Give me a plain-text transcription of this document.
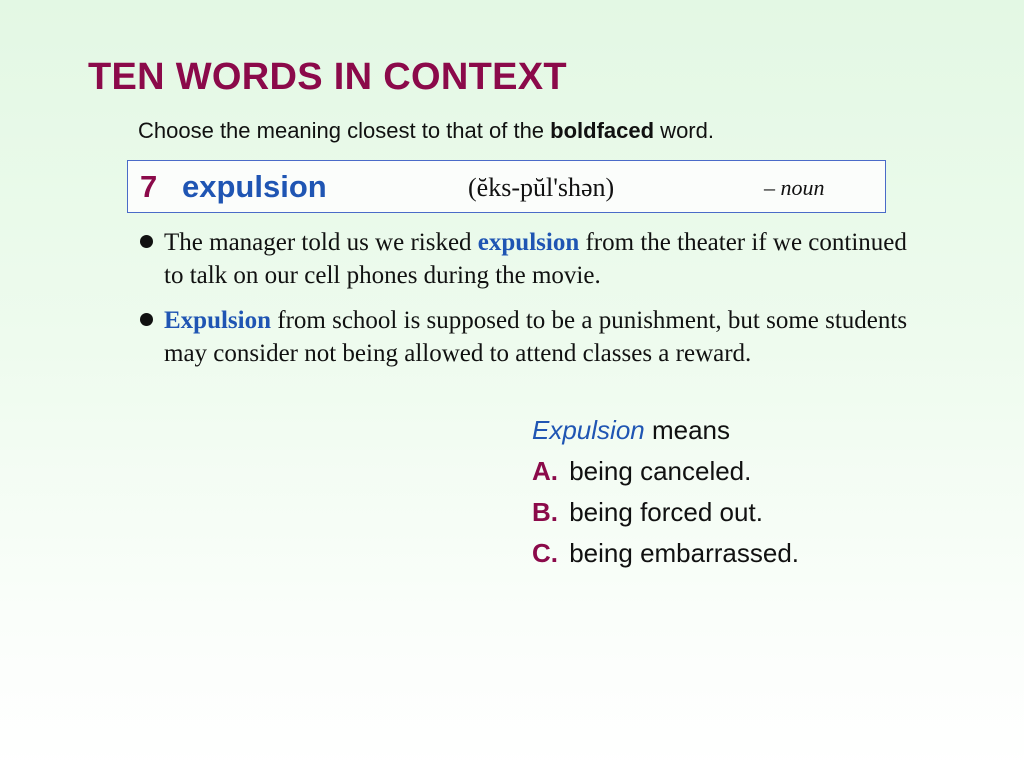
TEN WORDS IN CONTEXT
Choose the meaning closest to that of the boldfaced word.
7 expulsion	(ĕks-pŭl'shən)	– noun
The manager told us we risked expulsion from the theater if we continued to talk on our cell phones during the movie.
Expulsion from school is supposed to be a punishment, but some students may consider not being allowed to attend classes a reward.
Expulsion means
A. being canceled.
B. being forced out.
C. being embarrassed.
